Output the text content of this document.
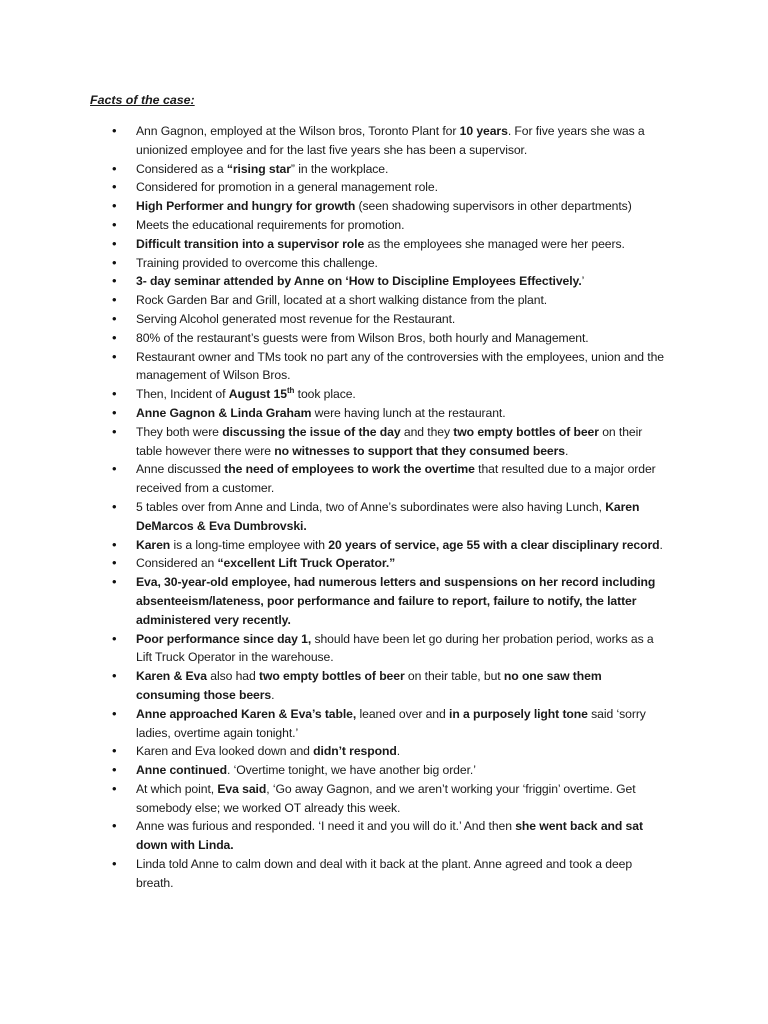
Facts of the case:

• Ann Gagnon, employed at the Wilson bros, Toronto Plant for 10 years. For five years she was a unionized employee and for the last five years she has been a supervisor.
• Considered as a “rising star” in the workplace.
• Considered for promotion in a general management role.
• High Performer and hungry for growth (seen shadowing supervisors in other departments)
• Meets the educational requirements for promotion.
• Difficult transition into a supervisor role as the employees she managed were her peers.
• Training provided to overcome this challenge.
• 3- day seminar attended by Anne on ‘How to Discipline Employees Effectively.’
• Rock Garden Bar and Grill, located at a short walking distance from the plant.
• Serving Alcohol generated most revenue for the Restaurant.
• 80% of the restaurant’s guests were from Wilson Bros, both hourly and Management.
• Restaurant owner and TMs took no part any of the controversies with the employees, union and the management of Wilson Bros.
• Then, Incident of August 15th took place.
• Anne Gagnon & Linda Graham were having lunch at the restaurant.
• They both were discussing the issue of the day and they two empty bottles of beer on their table however there were no witnesses to support that they consumed beers.
• Anne discussed the need of employees to work the overtime that resulted due to a major order received from a customer.
• 5 tables over from Anne and Linda, two of Anne’s subordinates were also having Lunch, Karen DeMarcos & Eva Dumbrovski.
• Karen is a long-time employee with 20 years of service, age 55 with a clear disciplinary record.
• Considered an “excellent Lift Truck Operator.”
• Eva, 30-year-old employee, had numerous letters and suspensions on her record including absenteeism/lateness, poor performance and failure to report, failure to notify, the latter administered very recently.
• Poor performance since day 1, should have been let go during her probation period, works as a Lift Truck Operator in the warehouse.
• Karen & Eva also had two empty bottles of beer on their table, but no one saw them consuming those beers.
• Anne approached Karen & Eva’s table, leaned over and in a purposely light tone said ‘sorry ladies, overtime again tonight.’
• Karen and Eva looked down and didn’t respond.
• Anne continued. ‘Overtime tonight, we have another big order.’
• At which point, Eva said, ‘Go away Gagnon, and we aren’t working your ‘friggin’ overtime. Get somebody else; we worked OT already this week.
• Anne was furious and responded. ‘I need it and you will do it.’ And then she went back and sat down with Linda.
• Linda told Anne to calm down and deal with it back at the plant. Anne agreed and took a deep breath.
